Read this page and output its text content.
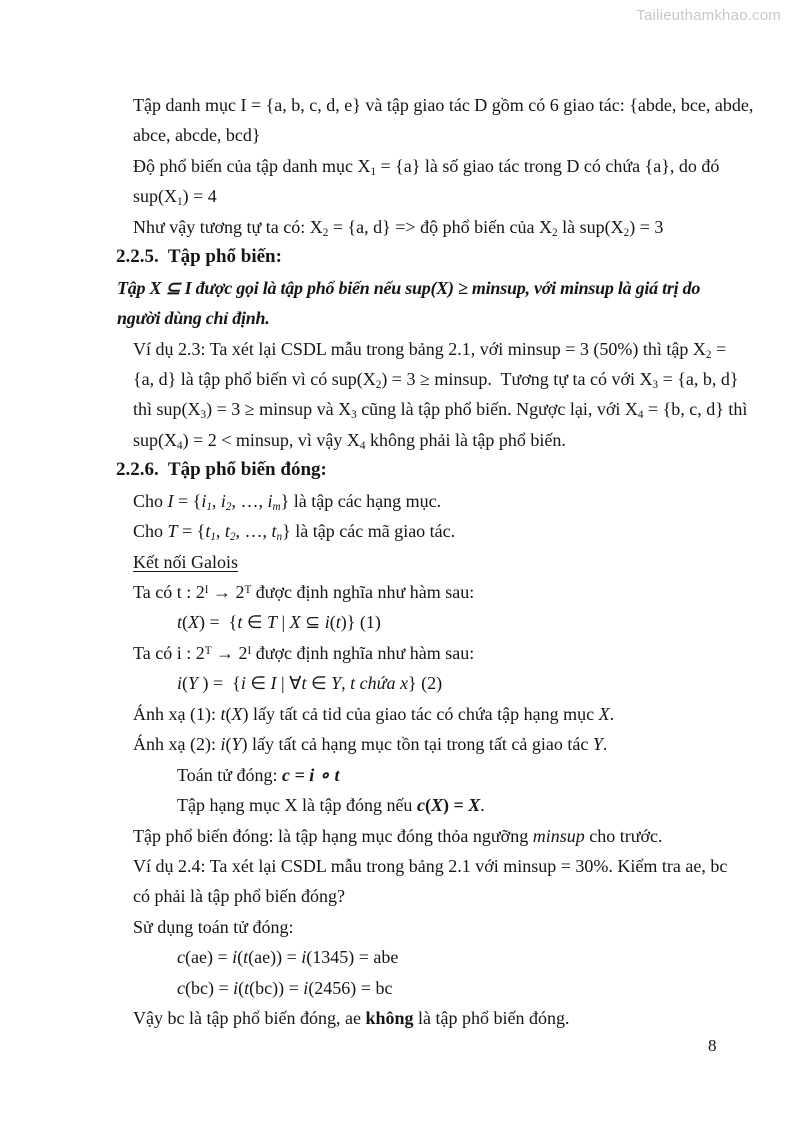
Tailieuthamkhao.com
Tập danh mục I = {a, b, c, d, e} và tập giao tác D gồm có 6 giao tác: {abde, bce, abde,
abce, abcde, bcd}
Độ phổ biến của tập danh mục $X_1 = \{a\}$ là số giao tác trong D có chứa {a}, do đó
$sup(X_1) = 4$
Như vậy tương tự ta có: $X_2 = \{a$, d} => độ phổ biến của $X_2$ là $sup(X_2) = 3$
2.2.5.  Tập phổ biến:
Tập X ⊆ I được gọi là tập phổ biến nếu sup(X) ≥ minsup, với minsup là giá trị do
người dùng chỉ định.
Ví dụ 2.3: Ta xét lại CSDL mẫu trong bảng 2.1, với minsup = 3 (50%) thì tập $X_2$ =
{a, d} là tập phổ biến vì có $sup(X_2) = 3$ ≥ minsup.  Tương tự ta có với $X_3 = \{a$, b, d}
thì $sup(X_3) = 3$ ≥ minsup và $X_3$ cũng là tập phổ biến. Ngược lại, với $X_4 = \{b$, c, d} thì
$sup(X_4) = 2$ < minsup, vì vậy $X_4$ không phải là tập phổ biến.
2.2.6.  Tập phổ biến đóng:
Cho $I = \{i_1$, $i_2$, …, $i_m$} là tập các hạng mục.
Cho $T = \{t_1$, $t_2$, …, $t_n$} là tập các mã giao tác.
Kết nối Galois
Ta có t : $2^I \to 2^T$ được định nghĩa như hàm sau:
t(X) =  {t ∈ T | X ⊆ i(t)} (1)
Ta có i : $2^T \to 2^I$ được định nghĩa như hàm sau:
i(Y ) =  {i ∈ I | ∀t ∈ Y, t chứa x} (2)
Ánh xạ (1): t(X) lấy tất cả tid của giao tác có chứa tập hạng mục X.
Ánh xạ (2): i(Y) lấy tất cả hạng mục tồn tại trong tất cả giao tác Y.
Toán tử đóng: c = i ∘ t
Tập hạng mục X là tập đóng nếu c(X) = X.
Tập phổ biến đóng: là tập hạng mục đóng thỏa ngưỡng minsup cho trước.
Ví dụ 2.4: Ta xét lại CSDL mẫu trong bảng 2.1 với minsup = 30%. Kiểm tra ae, bc
có phải là tập phổ biến đóng?
Sử dụng toán tử đóng:
c(ae) = i(t(ae)) = i(1345) = abe
c(bc) = i(t(bc)) = i(2456) = bc
Vậy bc là tập phổ biến đóng, ae không là tập phổ biến đóng.
8
